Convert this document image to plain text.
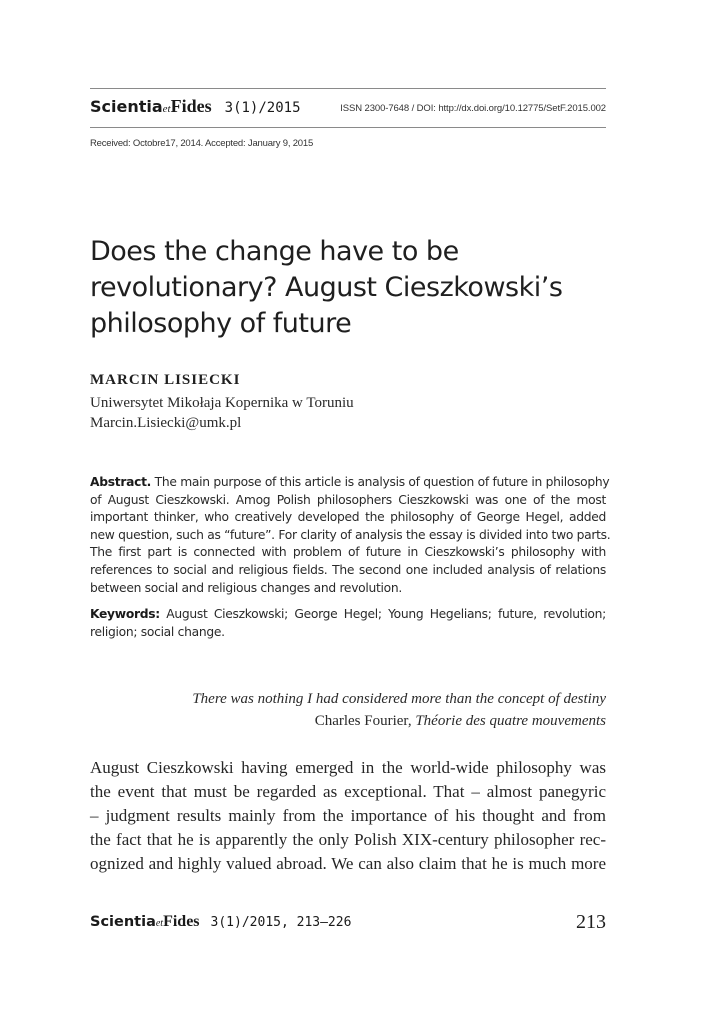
ScientiaetFides 3(1)/2015	ISSN 2300-7648 / DOI: http://dx.doi.org/10.12775/SetF.2015.002
Received: Octobre17, 2014. Accepted: January 9, 2015
Does the change have to be
revolutionary? August Cieszkowski’s
philosophy of future
MARCIN LISIECKI
Uniwersytet Mikołaja Kopernika w Toruniu
Marcin.Lisiecki@umk.pl
Abstract. The main purpose of this article is analysis of question of future in philosophy
of August Cieszkowski. Amog Polish philosophers Cieszkowski was one of the most
important thinker, who creatively developed the philosophy of George Hegel, added
new question, such as “future”. For clarity of analysis the essay is divided into two parts.
The first part is connected with problem of future in Cieszkowski’s philosophy with
references to social and religious fields. The second one included analysis of relations
between social and religious changes and revolution.
Keywords: August Cieszkowski; George Hegel; Young Hegelians; future, revolution;
religion; social change.
There was nothing I had considered more than the concept of destiny
Charles Fourier, Théorie des quatre mouvements
August Cieszkowski having emerged in the world-wide philosophy was
the event that must be regarded as exceptional. That – almost panegyric
– judgment results mainly from the importance of his thought and from
the fact that he is apparently the only Polish XIX-century philosopher rec-
ognized and highly valued abroad. We can also claim that he is much more
ScientiaetFides 3(1)/2015, 213–226	213
